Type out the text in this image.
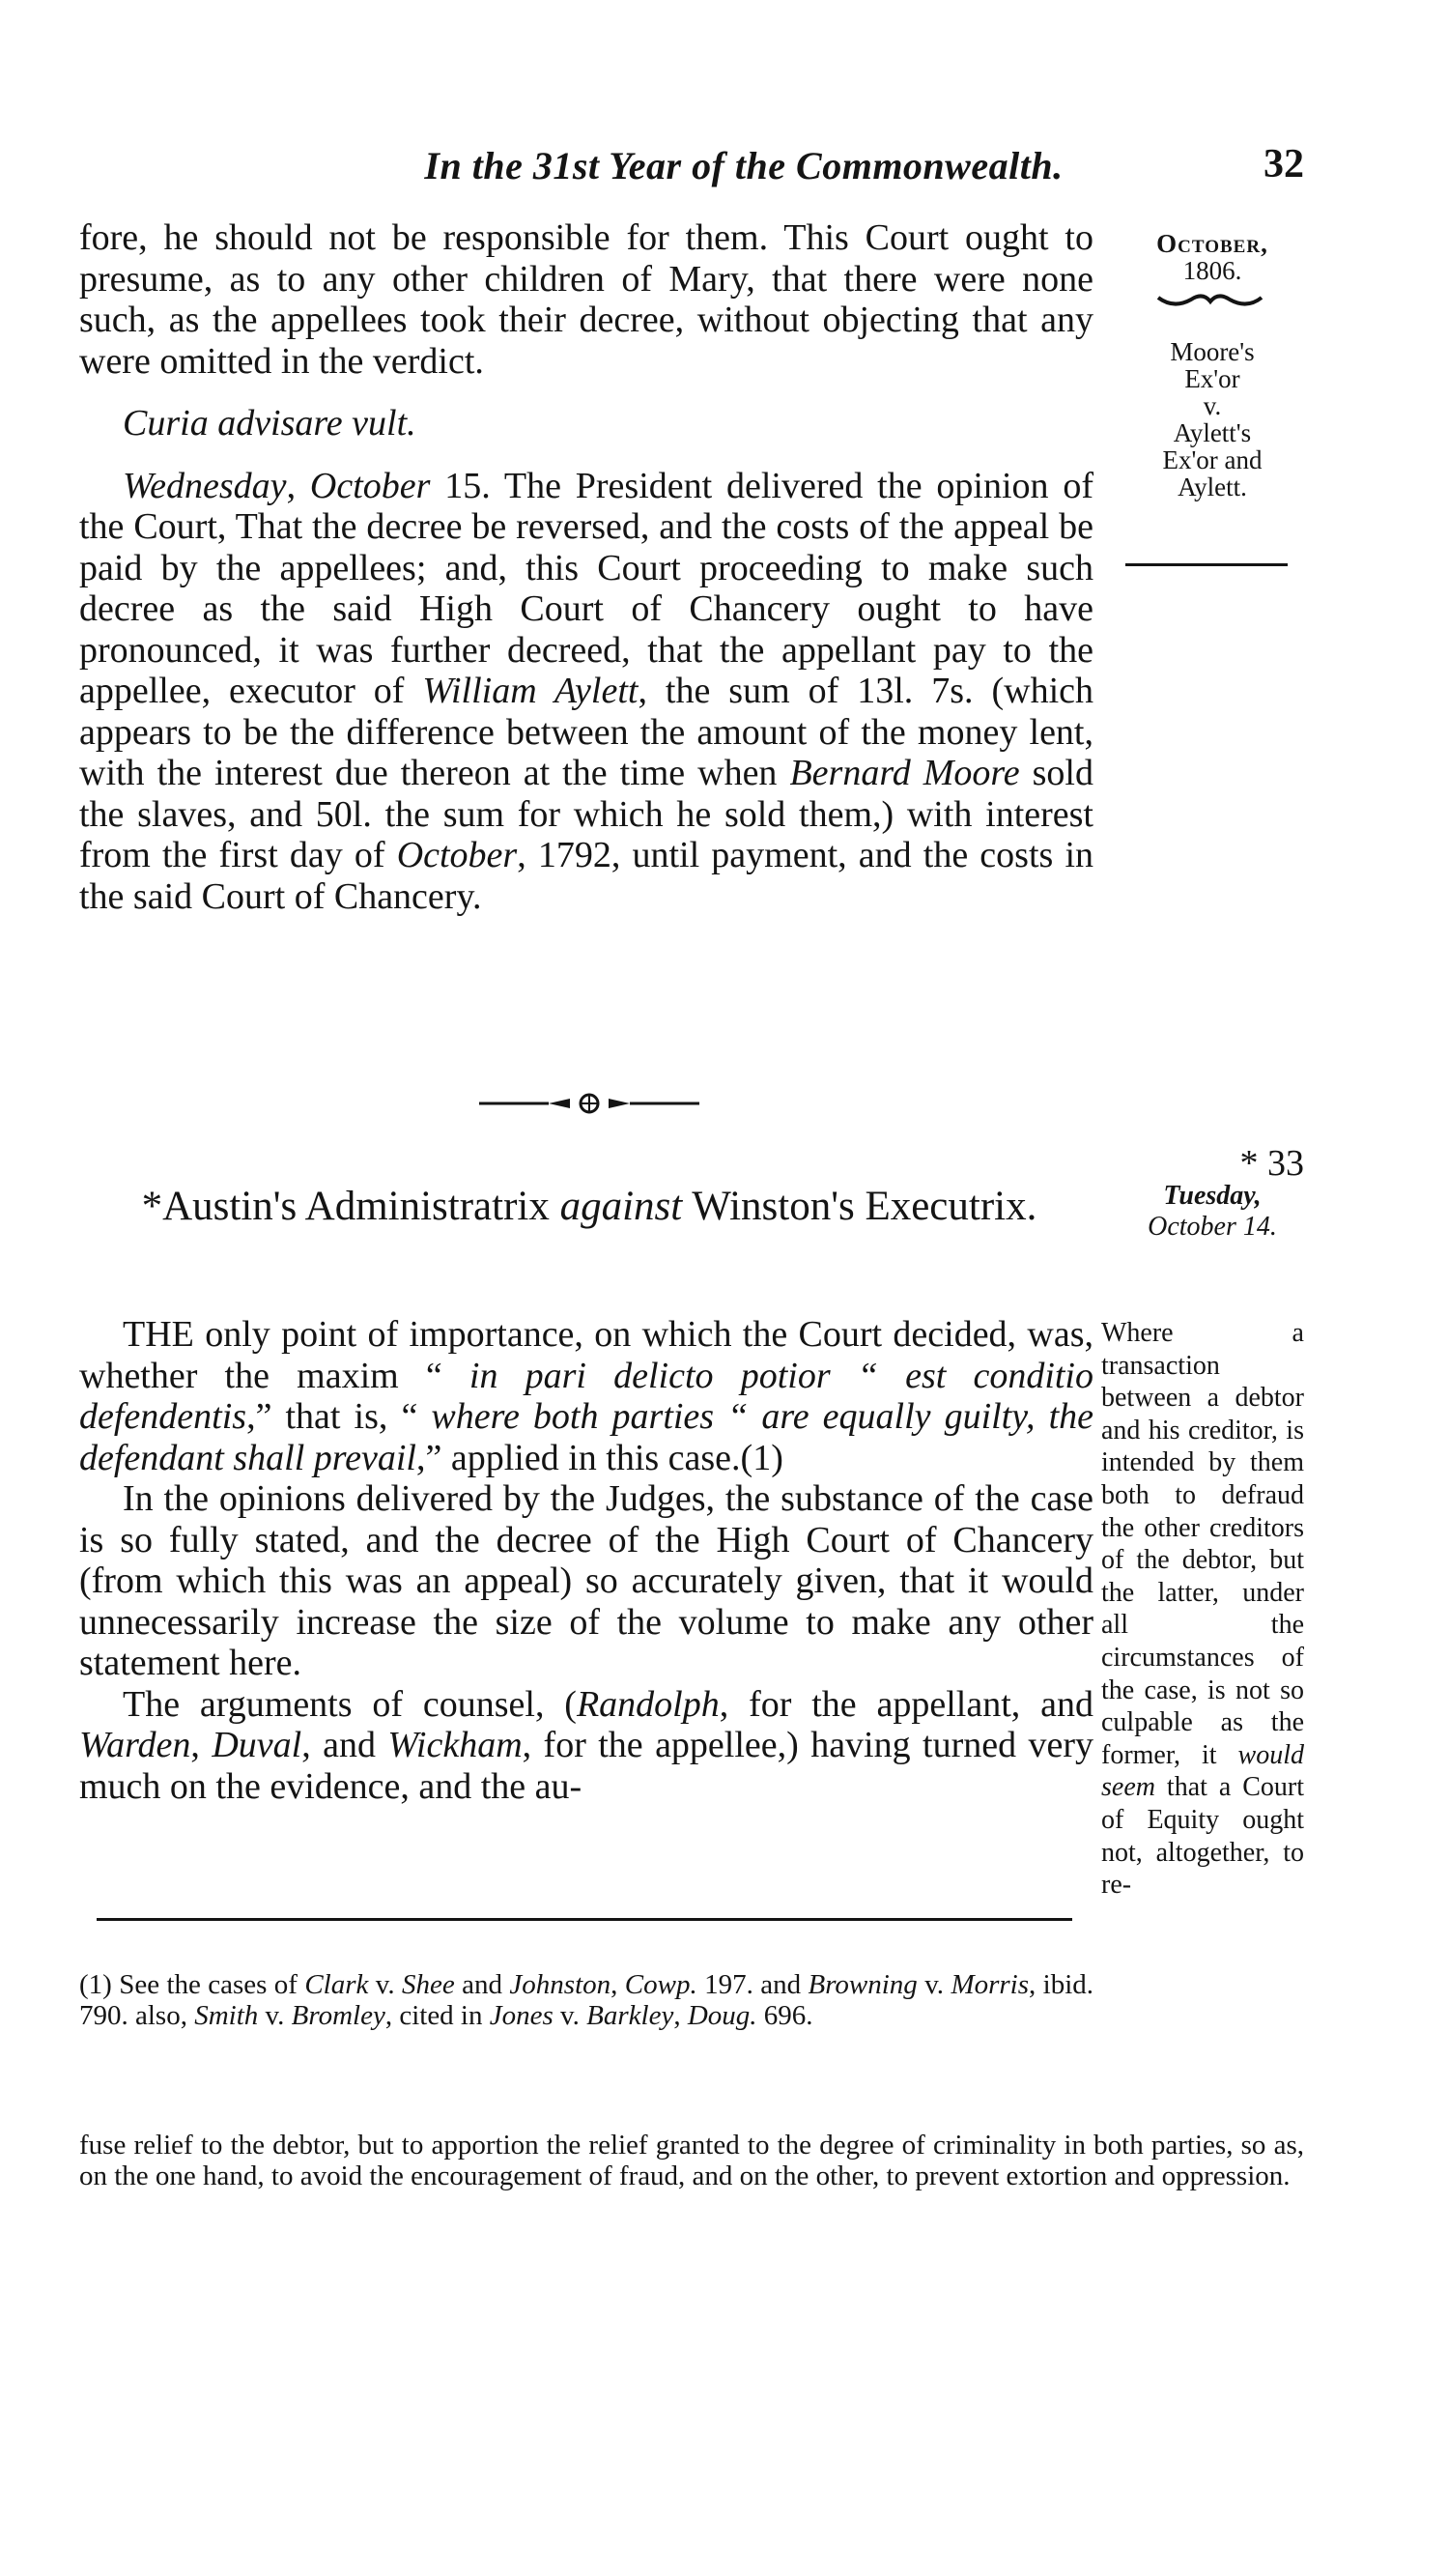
In the 31st Year of the Commonwealth.	32
October,
1806.
Moore's
Ex'or
v.
Aylett's
Ex'or and
Aylett.

fore, he should not be responsible for them. This Court ought to presume, as to any other children of Mary, that there were none such, as the appellees took their decree, without objecting that any were omitted in the verdict.

Curia advisare vult.

Wednesday, October 15. The President delivered the opinion of the Court, That the decree be reversed, and the costs of the appeal be paid by the appellees; and, this Court proceeding to make such decree as the said High Court of Chancery ought to have pronounced, it was further decreed, that the appellant pay to the appellee, executor of William Aylett, the sum of 13l. 7s. (which appears to be the difference between the amount of the money lent, with the interest due thereon at the time when Bernard Moore sold the slaves, and 50l. the sum for which he sold them,) with interest from the first day of October, 1792, until payment, and the costs in the said Court of Chancery.

* 33
*Austin's Administratrix against Winston's Executrix.	Tuesday,
October 14.

THE only point of importance, on which the Court decided, was, whether the maxim “ in pari delicto potior “ est conditio defendentis,” that is, “ where both parties “ are equally guilty, the defendant shall prevail,” applied in this case.(1)

In the opinions delivered by the Judges, the substance of the case is so fully stated, and the decree of the High Court of Chancery (from which this was an appeal) so accurately given, that it would unnecessarily increase the size of the volume to make any other statement here.

The arguments of counsel, (Randolph, for the appellant, and Warden, Duval, and Wickham, for the appellee,) having turned very much on the evidence, and the au-

Where a transaction between a debtor and his creditor, is intended by them both to defraud the other creditors of the debtor, but the latter, under all the circumstances of the case, is not so culpable as the former, it would seem that a Court of Equity ought not, altogether, to re-
(1) See the cases of Clark v. Shee and Johnston, Cowp. 197. and Browning v. Morris, ibid. 790. also, Smith v. Bromley, cited in Jones v. Barkley, Doug. 696.
fuse relief to the debtor, but to apportion the relief granted to the degree of criminality in both parties, so as, on the one hand, to avoid the encouragement of fraud, and on the other, to prevent extortion and oppression.
